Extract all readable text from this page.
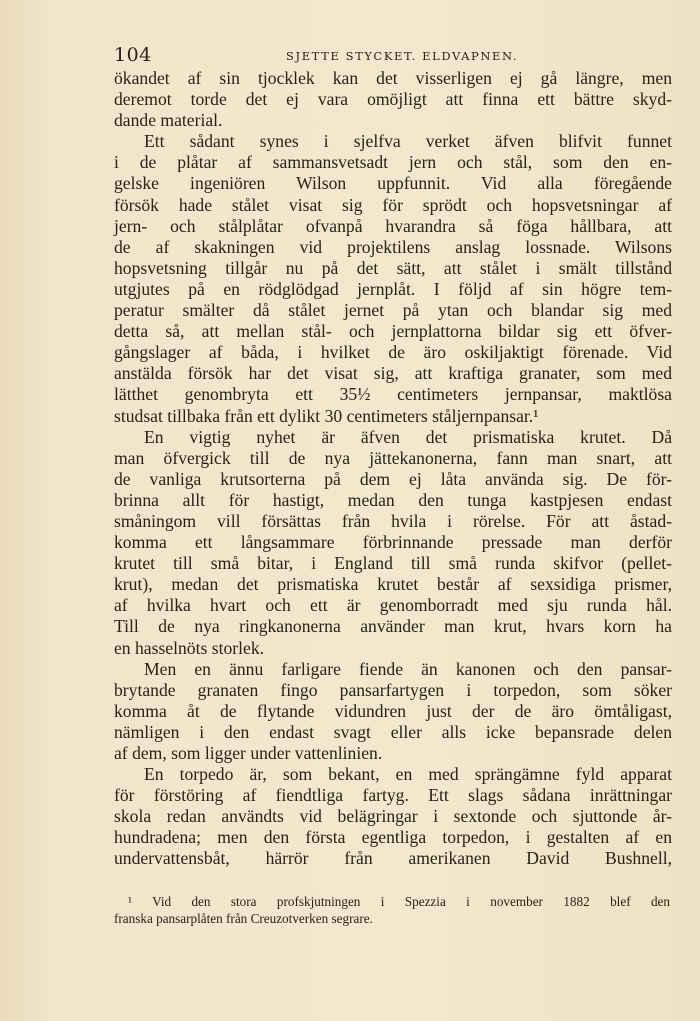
104	SJETTE STYCKET. ELDVAPNEN.
ökandet af sin tjocklek kan det visserligen ej gå längre, men
deremot torde det ej vara omöjligt att finna ett bättre skyd-
dande material.
Ett sådant synes i sjelfva verket äfven blifvit funnet
i de plåtar af sammansvetsadt jern och stål, som den en-
gelske ingeniören Wilson uppfunnit. Vid alla föregående
försök hade stålet visat sig för sprödt och hopsvetsningar af
jern- och stålplåtar ofvanpå hvarandra så föga hållbara, att
de af skakningen vid projektilens anslag lossnade. Wilsons
hopsvetsning tillgår nu på det sätt, att stålet i smält tillstånd
utgjutes på en rödglödgad jernplåt. I följd af sin högre tem-
peratur smälter då stålet jernet på ytan och blandar sig med
detta så, att mellan stål- och jernplattorna bildar sig ett öfver-
gångslager af båda, i hvilket de äro oskiljaktigt förenade. Vid
anstälda försök har det visat sig, att kraftiga granater, som med
lätthet genombryta ett 35½ centimeters jernpansar, maktlösa
studsat tillbaka från ett dylikt 30 centimeters ståljernpansar.¹
En vigtig nyhet är äfven det prismatiska krutet. Då
man öfvergick till de nya jättekanonerna, fann man snart, att
de vanliga krutsorterna på dem ej låta använda sig. De för-
brinna allt för hastigt, medan den tunga kastpjesen endast
småningom vill försättas från hvila i rörelse. För att åstad-
komma ett långsammare förbrinnande pressade man derför
krutet till små bitar, i England till små runda skifvor (pellet-
krut), medan det prismatiska krutet består af sexsidiga prismer,
af hvilka hvart och ett är genomborradt med sju runda hål.
Till de nya ringkanonerna använder man krut, hvars korn ha
en hasselnöts storlek.
Men en ännu farligare fiende än kanonen och den pansar-
brytande granaten fingo pansarfartygen i torpedon, som söker
komma åt de flytande vidundren just der de äro ömtåligast,
nämligen i den endast svagt eller alls icke bepansrade delen
af dem, som ligger under vattenlinien.
En torpedo är, som bekant, en med sprängämne fyld apparat
för förstöring af fiendtliga fartyg. Ett slags sådana inrättningar
skola redan användts vid belägringar i sextonde och sjuttonde år-
hundradena; men den första egentliga torpedon, i gestalten af en
undervattensbåt, härrör från amerikanen David Bushnell,
¹ Vid den stora profskjutningen i Spezzia i november 1882 blef den
franska pansarplåten från Creuzotverken segrare.
